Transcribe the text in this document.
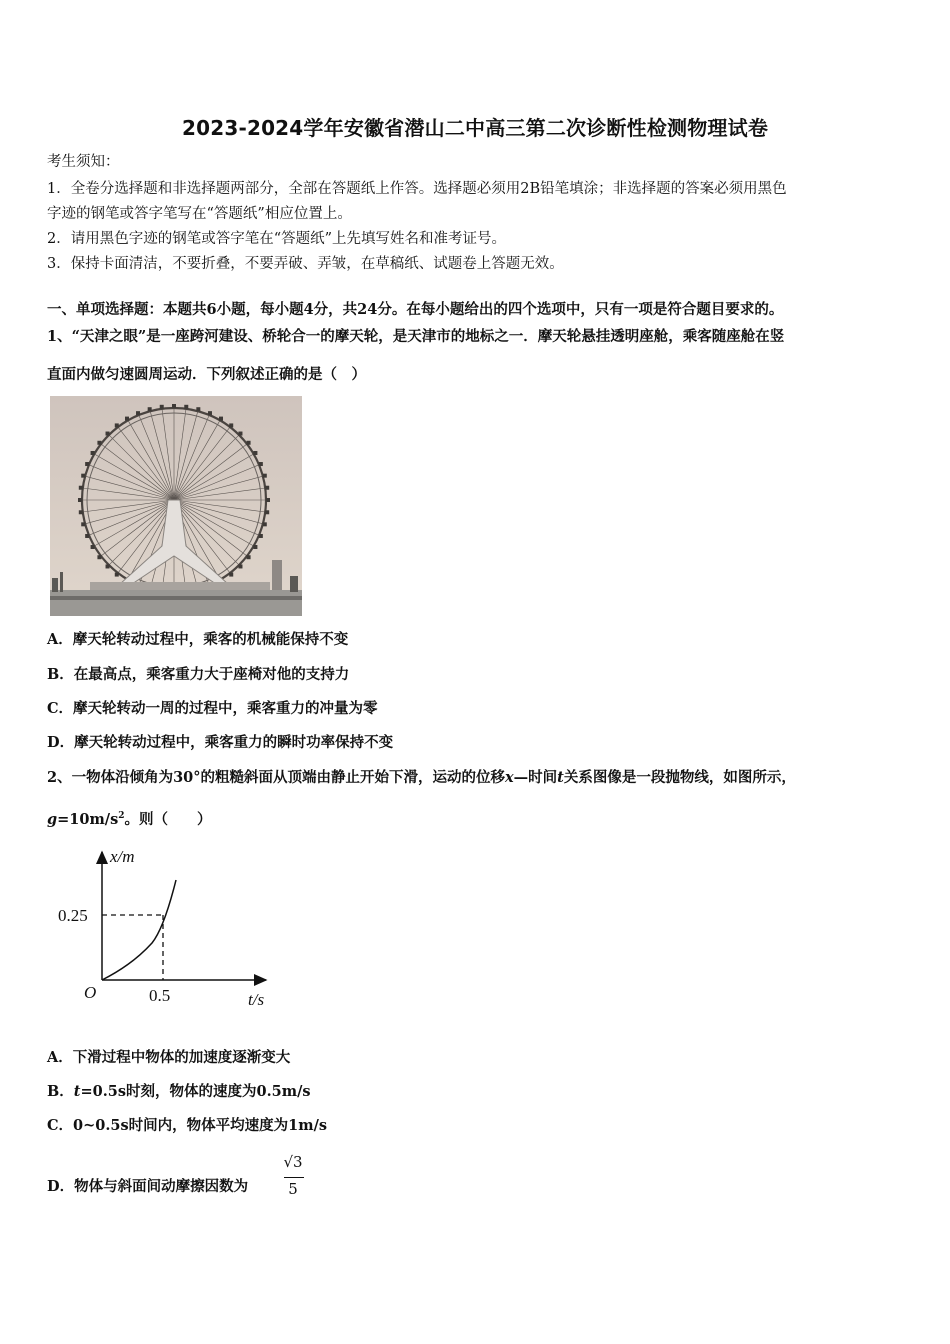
2023-2024学年安徽省潜山二中高三第二次诊断性检测物理试卷
考生须知：
1．全卷分选择题和非选择题两部分，全部在答题纸上作答。选择题必须用2B铅笔填涂；非选择题的答案必须用黑色
字迹的钢笔或答字笔写在“答题纸”相应位置上。
2．请用黑色字迹的钢笔或答字笔在“答题纸”上先填写姓名和准考证号。
3．保持卡面清洁，不要折叠，不要弄破、弄皱，在草稿纸、试题卷上答题无效。
一、单项选择题：本题共6小题，每小题4分，共24分。在每小题给出的四个选项中，只有一项是符合题目要求的。
1、“天津之眼”是一座跨河建设、桥轮合一的摩天轮，是天津市的地标之一．摩天轮悬挂透明座舱，乘客随座舱在竖
直面内做匀速圆周运动．下列叙述正确的是（　）
A．摩天轮转动过程中，乘客的机械能保持不变
B．在最高点，乘客重力大于座椅对他的支持力
C．摩天轮转动一周的过程中，乘客重力的冲量为零
D．摩天轮转动过程中，乘客重力的瞬时功率保持不变
2、一物体沿倾角为30°的粗糙斜面从顶端由静止开始下滑，运动的位移x—时间t关系图像是一段抛物线，如图所示，
$g=10m/s^2$。则（　　）
x/m
t/s
O
0.25
0.5
A．下滑过程中物体的加速度逐渐变大
B．t=0.5s时刻，物体的速度为0.5m/s
C．0~0.5s时间内，物体平均速度为1m/s
D．物体与斜面间动摩擦因数为
√3
5
